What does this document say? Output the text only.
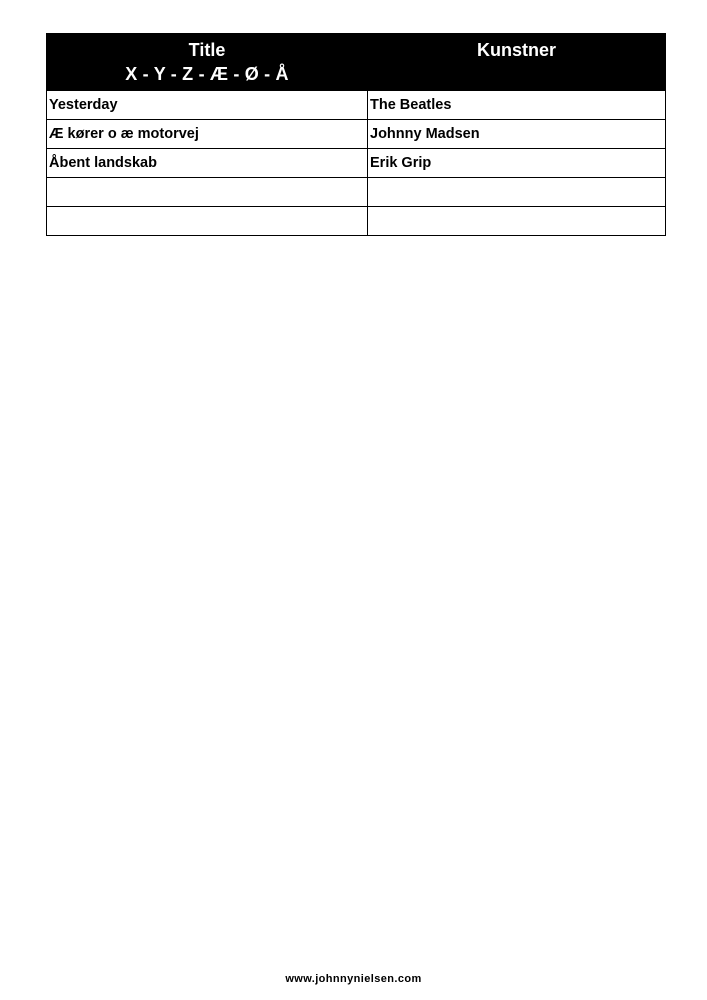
Title
X - Y - Z - Æ - Ø - Å	Kunstner

Yesterday	The Beatles
Æ kører o æ motorvej	Johnny Madsen
Åbent landskab	Erik Grip

www.johnnynielsen.com
